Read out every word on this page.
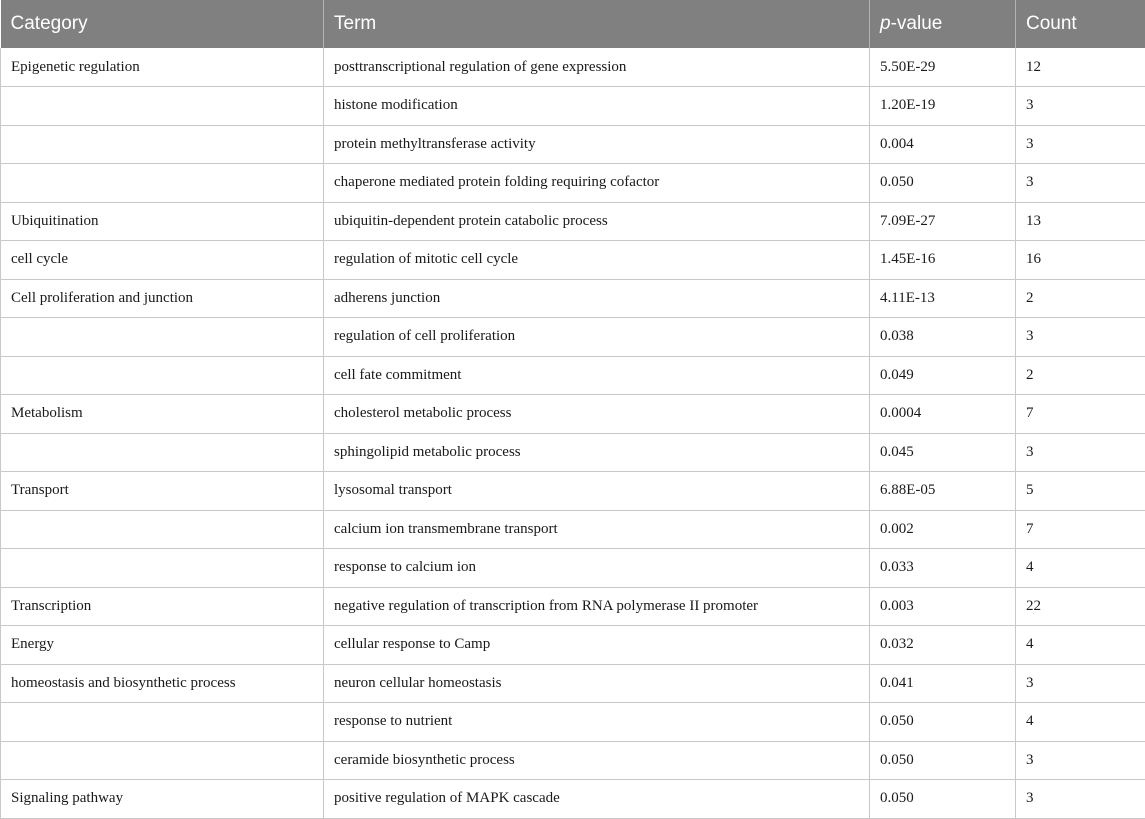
Category	Term	p-value	Count
Epigenetic regulation	posttranscriptional regulation of gene expression	5.50E-29	12
	histone modification	1.20E-19	3
	protein methyltransferase activity	0.004	3
	chaperone mediated protein folding requiring cofactor	0.050	3
Ubiquitination	ubiquitin-dependent protein catabolic process	7.09E-27	13
cell cycle	regulation of mitotic cell cycle	1.45E-16	16
Cell proliferation and junction	adherens junction	4.11E-13	2
	regulation of cell proliferation	0.038	3
	cell fate commitment	0.049	2
Metabolism	cholesterol metabolic process	0.0004	7
	sphingolipid metabolic process	0.045	3
Transport	lysosomal transport	6.88E-05	5
	calcium ion transmembrane transport	0.002	7
	response to calcium ion	0.033	4
Transcription	negative regulation of transcription from RNA polymerase II promoter	0.003	22
Energy	cellular response to Camp	0.032	4
homeostasis and biosynthetic process	neuron cellular homeostasis	0.041	3
	response to nutrient	0.050	4
	ceramide biosynthetic process	0.050	3
Signaling pathway	positive regulation of MAPK cascade	0.050	3
